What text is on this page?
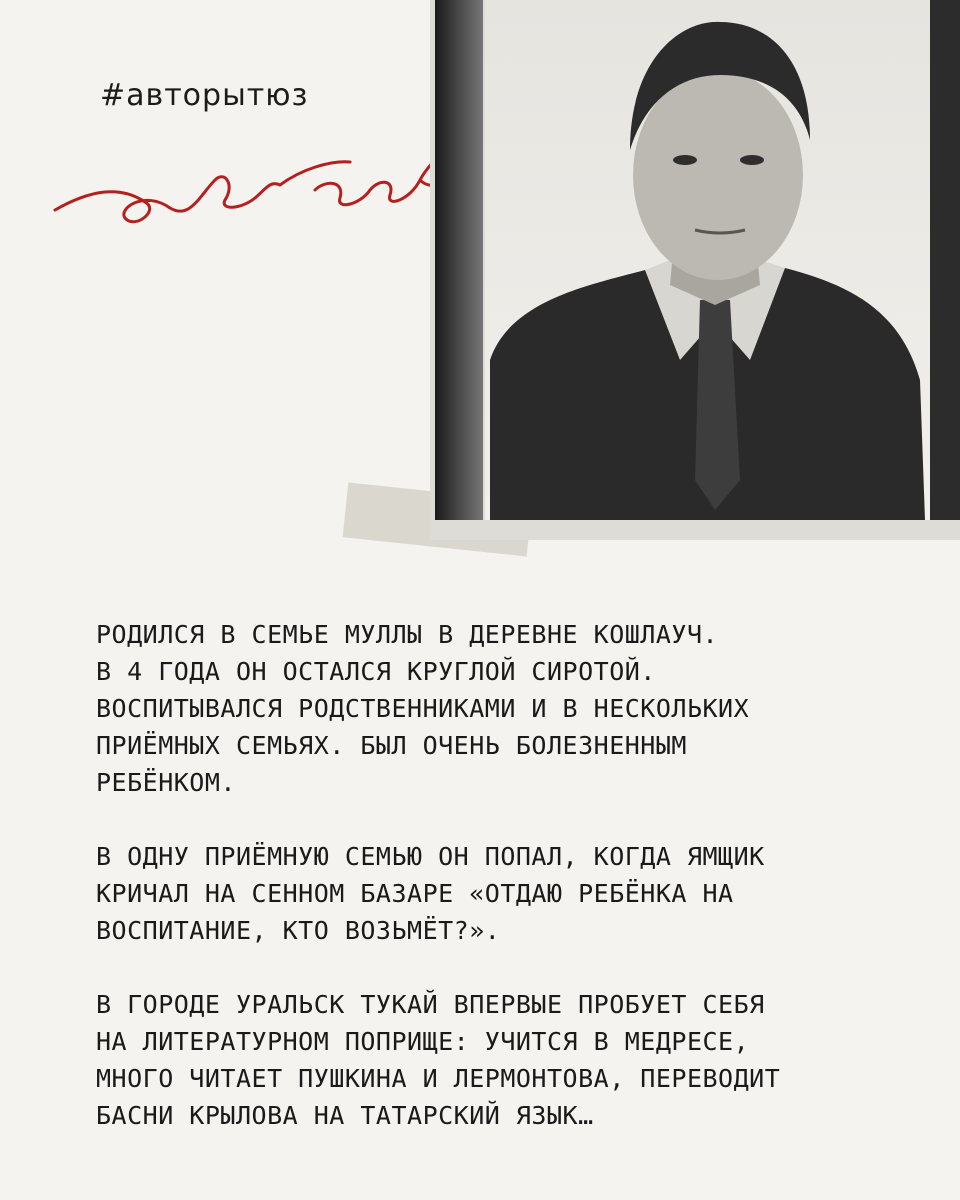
#авторытюз

РОДИЛСЯ В СЕМЬЕ МУЛЛЫ В ДЕРЕВНЕ КОШЛАУЧ.
В 4 ГОДА ОН ОСТАЛСЯ КРУГЛОЙ СИРОТОЙ.
ВОСПИТЫВАЛСЯ РОДСТВЕННИКАМИ И В НЕСКОЛЬКИХ
ПРИЁМНЫХ СЕМЬЯХ. БЫЛ ОЧЕНЬ БОЛЕЗНЕННЫМ
РЕБЁНКОМ.

В ОДНУ ПРИЁМНУЮ СЕМЬЮ ОН ПОПАЛ, КОГДА ЯМЩИК
КРИЧАЛ НА СЕННОМ БАЗАРЕ «ОТДАЮ РЕБЁНКА НА
ВОСПИТАНИЕ, КТО ВОЗЬМЁТ?».

В ГОРОДЕ УРАЛЬСК ТУКАЙ ВПЕРВЫЕ ПРОБУЕТ СЕБЯ
НА ЛИТЕРАТУРНОМ ПОПРИЩЕ: УЧИТСЯ В МЕДРЕСЕ,
МНОГО ЧИТАЕТ ПУШКИНА И ЛЕРМОНТОВА, ПЕРЕВОДИТ
БАСНИ КРЫЛОВА НА ТАТАРСКИЙ ЯЗЫК…
